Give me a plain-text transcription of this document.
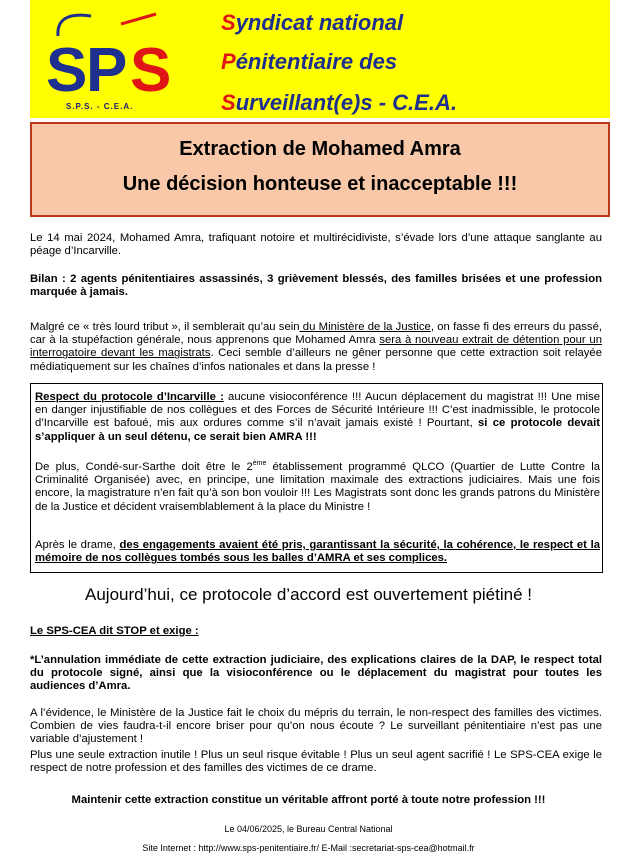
S
P S
S.P.S. - C.E.A.
Syndicat national
Pénitentiaire des
Surveillant(e)s - C.E.A.
Extraction de Mohamed Amra
Une décision honteuse et inacceptable !!!
Le 14 mai 2024, Mohamed Amra, trafiquant notoire et multirécidiviste, s’évade lors d’une attaque sanglante au péage d’Incarville.
Bilan : 2 agents pénitentiaires assassinés, 3 grièvement blessés, des familles brisées et une profession marquée à jamais.
Malgré ce « très lourd tribut », il semblerait qu’au sein du Ministère de la Justice, on fasse fi des erreurs du passé, car à la stupéfaction générale, nous apprenons que Mohamed Amra sera à nouveau extrait de détention pour un interrogatoire devant les magistrats. Ceci semble d’ailleurs ne gêner personne que cette extraction soit relayée médiatiquement sur les chaînes d’infos nationales et dans la presse !
Respect du protocole d’Incarville : aucune visioconférence !!! Aucun déplacement du magistrat !!! Une mise en danger injustifiable de nos collègues et des Forces de Sécurité Intérieure !!! C’est inadmissible, le protocole d’Incarville est bafoué, mis aux ordures comme s’il n’avait jamais existé ! Pourtant, si ce protocole devait s’appliquer à un seul détenu, ce serait bien AMRA !!!
De plus, Condé-sur-Sarthe doit être le 2ème établissement programmé QLCO (Quartier de Lutte Contre la Criminalité Organisée) avec, en principe, une limitation maximale des extractions judiciaires. Mais une fois encore, la magistrature n’en fait qu’à son bon vouloir !!! Les Magistrats sont donc les grands patrons du Ministère de la Justice et décident vraisemblablement à la place du Ministre !
Après le drame, des engagements avaient été pris, garantissant la sécurité, la cohérence, le respect et la mémoire de nos collègues tombés sous les balles d’AMRA et ses complices.
Aujourd’hui, ce protocole d’accord est ouvertement piétiné !
Le SPS-CEA dit STOP et exige :
*L’annulation immédiate de cette extraction judiciaire, des explications claires de la DAP, le respect total du protocole signé, ainsi que la visioconférence ou le déplacement du magistrat pour toutes les audiences d’Amra.
A l’évidence, le Ministère de la Justice fait le choix du mépris du terrain, le non-respect des familles des victimes. Combien de vies faudra-t-il encore briser pour qu’on nous écoute ? Le surveillant pénitentiaire n’est pas une variable d’ajustement !
Plus une seule extraction inutile ! Plus un seul risque évitable ! Plus un seul agent sacrifié ! Le SPS-CEA exige le respect de notre profession et des familles des victimes de ce drame.
Maintenir cette extraction constitue un véritable affront porté à toute notre profession !!!
Le 04/06/2025, le Bureau Central National
Site Internet : http://www.sps-penitentiaire.fr/ E-Mail :secretariat-sps-cea@hotmail.fr
